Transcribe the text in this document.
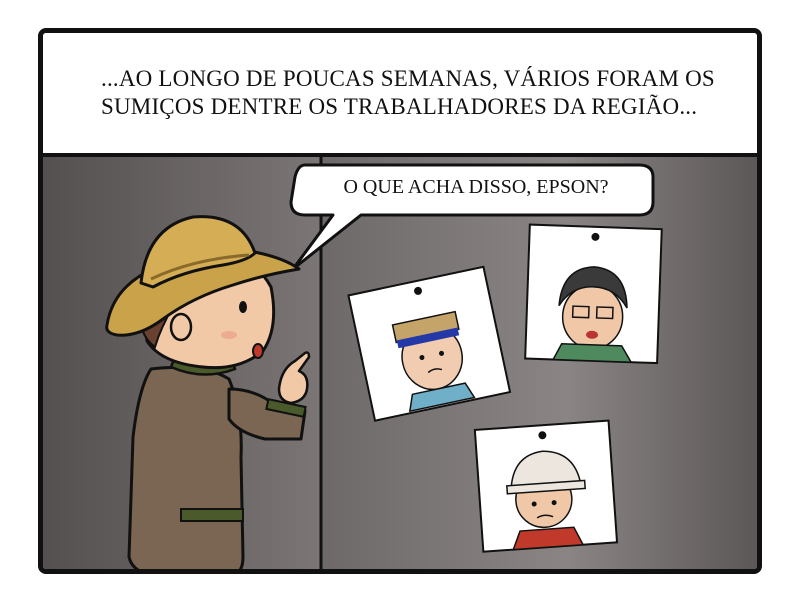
...AO LONGO DE POUCAS SEMANAS, VÁRIOS FORAM OS
SUMIÇOS DENTRE OS TRABALHADORES DA REGIÃO...
O QUE ACHA DISSO, EPSON?
